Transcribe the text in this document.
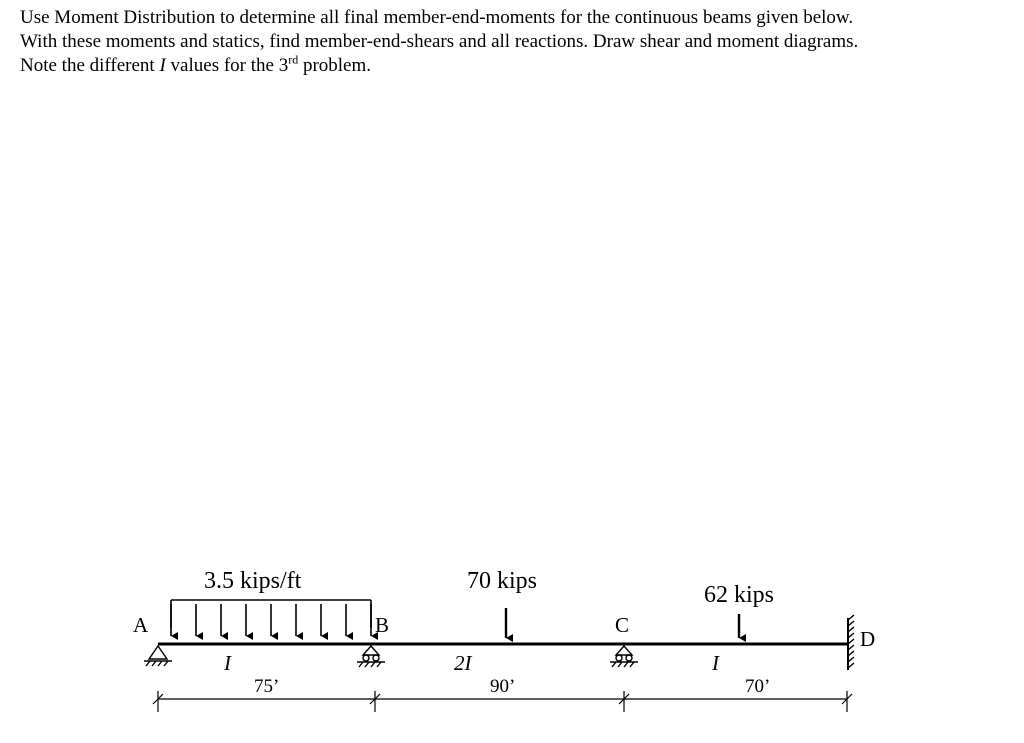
Use Moment Distribution to determine all final member-end-moments for the continuous beams given below.

With these moments and statics, find member-end-shears and all reactions. Draw shear and moment diagrams.

Note the different I values for the 3rd problem.

3.5 kips/ft	70 kips
62 kips
A	B	C
D
I	2I	I
75’	90’	70’
